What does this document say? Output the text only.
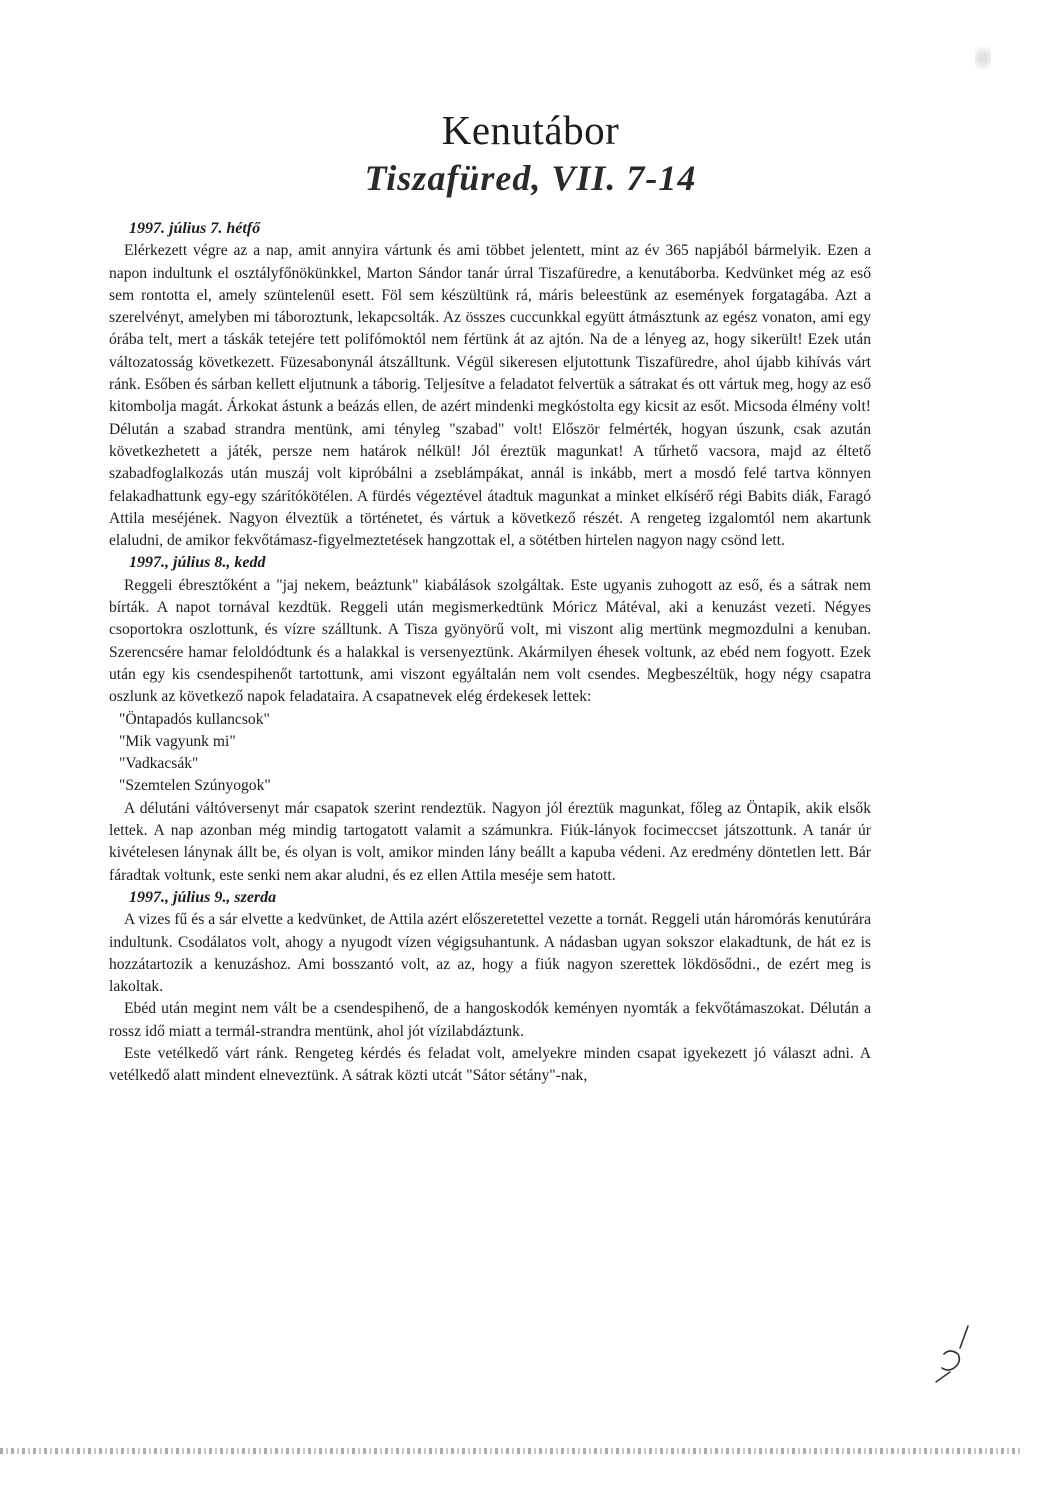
Kenutábor
Tiszafüred, VII. 7-14

1997. július 7. hétfő

Elérkezett végre az a nap, amit annyira vártunk és ami többet jelentett, mint az év 365 napjából bármelyik. Ezen a napon indultunk el osztályfőnökünkkel, Marton Sándor tanár úrral Tiszafüredre, a kenutáborba. Kedvünket még az eső sem rontotta el, amely szüntelenül esett. Föl sem készültünk rá, máris beleestünk az események forgatagába. Azt a szerelvényt, amelyben mi táboroztunk, lekapcsolták. Az összes cuccunkkal együtt átmásztunk az egész vonaton, ami egy órába telt, mert a táskák tetejére tett polifómoktól nem fértünk át az ajtón. Na de a lényeg az, hogy sikerült! Ezek után változatosság következett. Füzesabonynál átszálltunk. Végül sikeresen eljutottunk Tiszafüredre, ahol újabb kihívás várt ránk. Esőben és sárban kellett eljutnunk a táborig. Teljesítve a feladatot felvertük a sátrakat és ott vártuk meg, hogy az eső kitombolja magát. Árkokat ástunk a beázás ellen, de azért mindenki megkóstolta egy kicsit az esőt. Micsoda élmény volt! Délután a szabad strandra mentünk, ami tényleg "szabad" volt! Először felmérték, hogyan úszunk, csak azután következhetett a játék, persze nem határok nélkül! Jól éreztük magunkat! A tűrhető vacsora, majd az éltető szabadfoglalkozás után muszáj volt kipróbálni a zseblámpákat, annál is inkább, mert a mosdó felé tartva könnyen felakadhattunk egy-egy szárítókötélen. A fürdés végeztével átadtuk magunkat a minket elkísérő régi Babits diák, Faragó Attila meséjének. Nagyon élveztük a történetet, és vártuk a következő részét. A rengeteg izgalomtól nem akartunk elaludni, de amikor fekvőtámasz-figyelmeztetések hangzottak el, a sötétben hirtelen nagyon nagy csönd lett.

1997., július 8., kedd

Reggeli ébresztőként a "jaj nekem, beáztunk" kiabálások szolgáltak. Este ugyanis zuhogott az eső, és a sátrak nem bírták. A napot tornával kezdtük. Reggeli után megismerkedtünk Móricz Mátéval, aki a kenuzást vezeti. Négyes csoportokra oszlottunk, és vízre szálltunk. A Tisza gyönyörű volt, mi viszont alig mertünk megmozdulni a kenuban. Szerencsére hamar feloldódtunk és a halakkal is versenyeztünk. Akármilyen éhesek voltunk, az ebéd nem fogyott. Ezek után egy kis csendespihenőt tartottunk, ami viszont egyáltalán nem volt csendes. Megbeszéltük, hogy négy csapatra oszlunk az következő napok feladataira. A csapatnevek elég érdekesek lettek:

"Öntapadós kullancsok"

"Mik vagyunk mi"

"Vadkacsák"

"Szemtelen Szúnyogok"

A délutáni váltóversenyt már csapatok szerint rendeztük. Nagyon jól éreztük magunkat, főleg az Öntapik, akik elsők lettek. A nap azonban még mindig tartogatott valamit a számunkra. Fiúk-lányok focimeccset játszottunk. A tanár úr kivételesen lánynak állt be, és olyan is volt, amikor minden lány beállt a kapuba védeni. Az eredmény döntetlen lett. Bár fáradtak voltunk, este senki nem akar aludni, és ez ellen Attila meséje sem hatott.

1997., július 9., szerda

A vizes fű és a sár elvette a kedvünket, de Attila azért előszeretettel vezette a tornát. Reggeli után háromórás kenutúrára indultunk. Csodálatos volt, ahogy a nyugodt vízen végigsuhantunk. A nádasban ugyan sokszor elakadtunk, de hát ez is hozzátartozik a kenuzáshoz. Ami bosszantó volt, az az, hogy a fiúk nagyon szerettek lökdösődni., de ezért meg is lakoltak.

Ebéd után megint nem vált be a csendespihenő, de a hangoskodók keményen nyomták a fekvőtámaszokat. Délután a rossz idő miatt a termál-strandra mentünk, ahol jót vízilabdáztunk.

Este vetélkedő várt ránk. Rengeteg kérdés és feladat volt, amelyekre minden csapat igyekezett jó választ adni. A vetélkedő alatt mindent elneveztünk. A sátrak közti utcát "Sátor sétány"-nak,
